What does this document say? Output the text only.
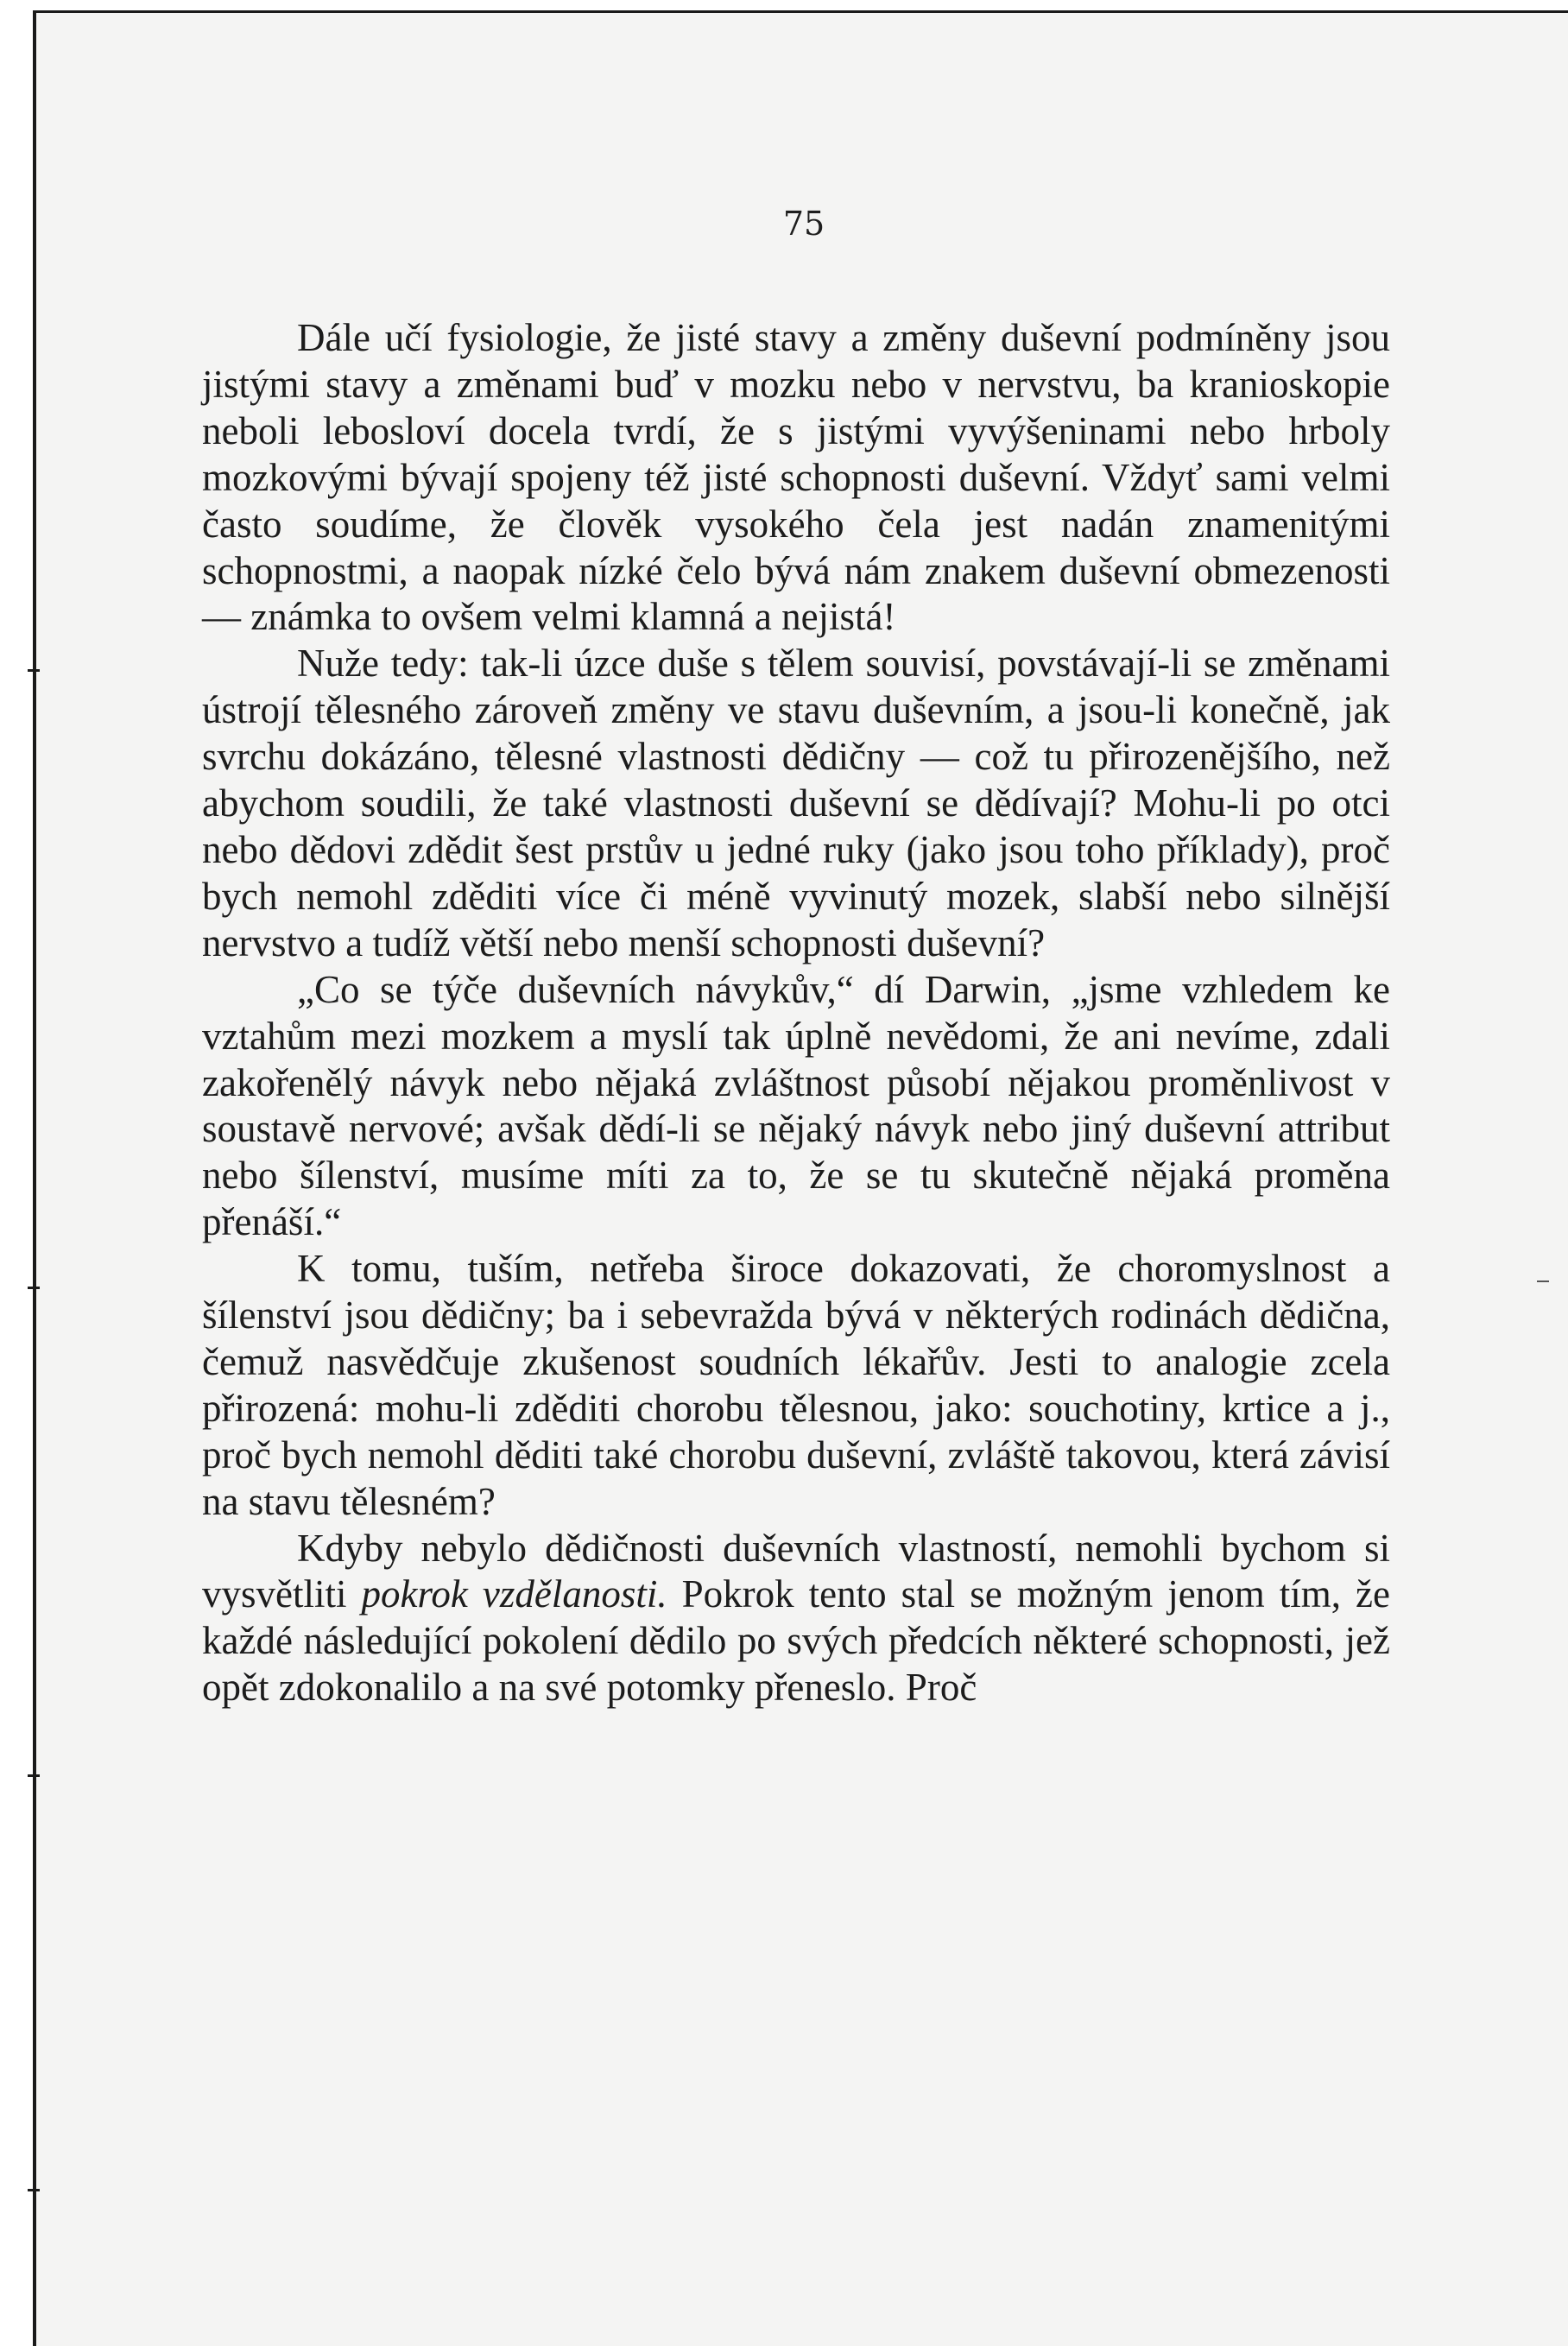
75

Dále učí fysiologie, že jisté stavy a změny duševní podmíněny jsou jistými stavy a změnami buď v mozku nebo v nervstvu, ba kranioskopie neboli lebosloví docela tvrdí, že s jistými vyvýšeninami nebo hrboly mozkovými bývají spojeny též jisté schopnosti duševní. Vždyť sami velmi často soudíme, že člověk vysokého čela jest nadán znamenitými schopnostmi, a naopak nízké čelo bývá nám znakem duševní obmezenosti — známka to ovšem velmi klamná a nejistá!

Nuže tedy: tak-li úzce duše s tělem souvisí, povstávají-li se změnami ústrojí tělesného zároveň změny ve stavu duševním, a jsou-li konečně, jak svrchu dokázáno, tělesné vlastnosti dědičny — což tu přirozenějšího, než abychom soudili, že také vlastnosti duševní se dědívají? Mohu-li po otci nebo dědovi zdědit šest prstův u jedné ruky (jako jsou toho příklady), proč bych nemohl zděditi více či méně vyvinutý mozek, slabší nebo silnější nervstvo a tudíž větší nebo menší schopnosti duševní?

„Co se týče duševních návykův,“ dí Darwin, „jsme vzhledem ke vztahům mezi mozkem a myslí tak úplně nevědomi, že ani nevíme, zdali zakořenělý návyk nebo nějaká zvláštnost působí nějakou proměnlivost v soustavě nervové; avšak dědí-li se nějaký návyk nebo jiný duševní attribut nebo šílenství, musíme míti za to, že se tu skutečně nějaká proměna přenáší.“

K tomu, tuším, netřeba široce dokazovati, že choromyslnost a šílenství jsou dědičny; ba i sebevražda bývá v některých rodinách dědična, čemuž nasvědčuje zkušenost soudních lékařův. Jesti to analogie zcela přirozená: mohu-li zděditi chorobu tělesnou, jako: souchotiny, krtice a j., proč bych nemohl děditi také chorobu duševní, zvláště takovou, která závisí na stavu tělesném?

Kdyby nebylo dědičnosti duševních vlastností, nemohli bychom si vysvětliti pokrok vzdělanosti. Pokrok tento stal se možným jenom tím, že každé následující pokolení dědilo po svých předcích některé schopnosti, jež opět zdokonalilo a na své potomky přeneslo. Proč
